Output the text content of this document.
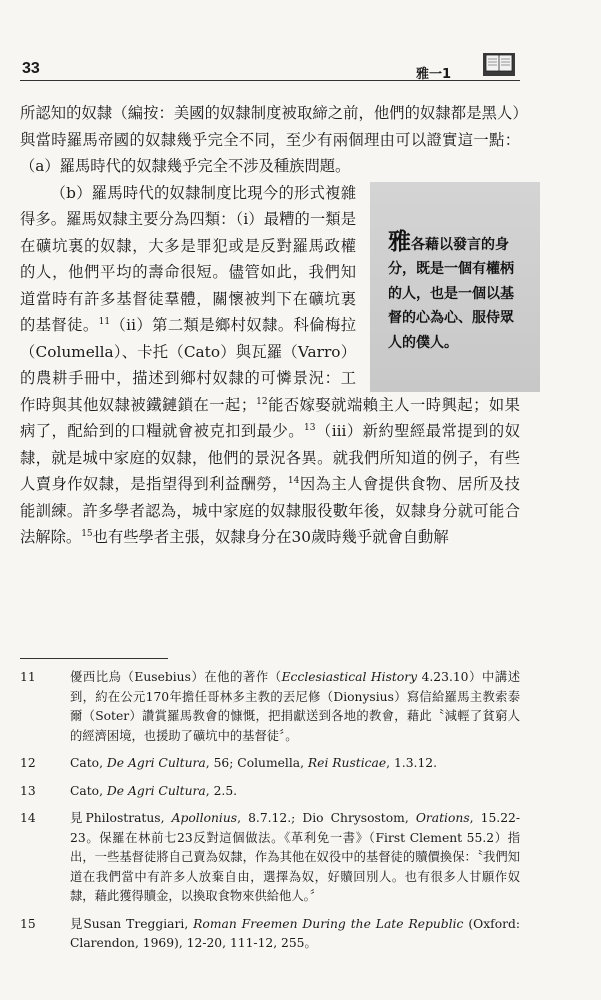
33	雅一1

所認知的奴隸（編按：美國的奴隸制度被取締之前，他們的奴隸都是黑人）與當時羅馬帝國的奴隸幾乎完全不同，至少有兩個理由可以證實這一點：（a）羅馬時代的奴隸幾乎完全不涉及種族問題。

雅各藉以發言的身分，既是一個有權柄的人，也是一個以基督的心為心、服侍眾人的僕人。

（b）羅馬時代的奴隸制度比現今的形式複雜得多。羅馬奴隸主要分為四類：（i）最糟的一類是在礦坑裏的奴隸，大多是罪犯或是反對羅馬政權的人，他們平均的壽命很短。儘管如此，我們知道當時有許多基督徒羣體，關懷被判下在礦坑裏的基督徒。$^{11}$（ii）第二類是鄉村奴隸。科倫梅拉（Columella）、卡托（Cato）與瓦羅（Varro）的農耕手冊中，描述到鄉村奴隸的可憐景況：工作時與其他奴隸被鐵鏈鎖在一起；$^{12}$能否嫁娶就端賴主人一時興起；如果病了，配給到的口糧就會被克扣到最少。$^{13}$（iii）新約聖經最常提到的奴隸，就是城中家庭的奴隸，他們的景況各異。就我們所知道的例子，有些人賣身作奴隸，是指望得到利益酬勞，$^{14}$因為主人會提供食物、居所及技能訓練。許多學者認為，城中家庭的奴隸服役數年後，奴隸身分就可能合法解除。$^{15}$也有些學者主張，奴隸身分在30歲時幾乎就會自動解

11	優西比烏（Eusebius）在他的著作（Ecclesiastical History 4.23.10）中講述到，約在公元170年擔任哥林多主教的丟尼修（Dionysius）寫信給羅馬主教索泰爾（Soter）讚賞羅馬教會的慷慨，把捐獻送到各地的教會，藉此〝減輕了貧窮人的經濟困境，也援助了礦坑中的基督徒〞。
12	Cato, De Agri Cultura, 56; Columella, Rei Rusticae, 1.3.12.
13	Cato, De Agri Cultura, 2.5.
14	見Philostratus, Apollonius, 8.7.12.; Dio Chrysostom, Orations, 15.22-23。保羅在林前七23反對這個做法。《革利免一書》（First Clement 55.2）指出，一些基督徒將自己賣為奴隸，作為其他在奴役中的基督徒的贖價換保：〝我們知道在我們當中有許多人放棄自由，選擇為奴，好贖回別人。也有很多人甘願作奴隸，藉此獲得贖金，以換取食物來供給他人。〞
15	見Susan Treggiari, Roman Freemen During the Late Republic (Oxford: Clarendon, 1969), 12-20, 111-12, 255。
